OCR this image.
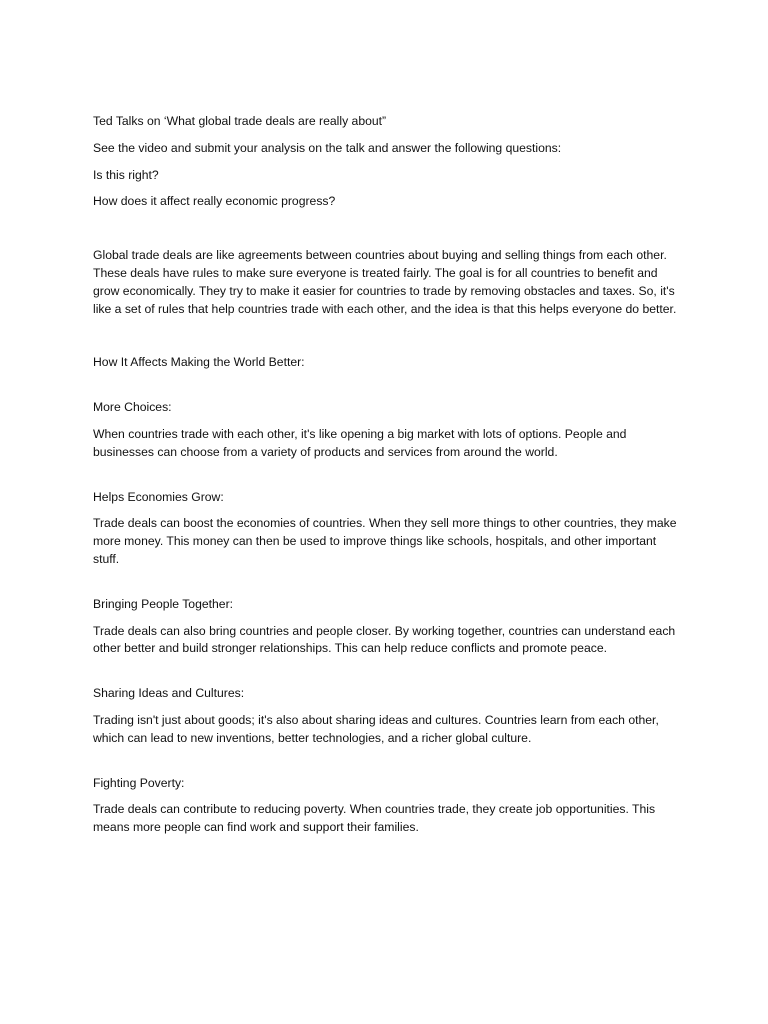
Ted Talks on ‘What global trade deals are really about”

See the video and submit your analysis on the talk and answer the following questions:

Is this right?

How does it affect really economic progress?

Global trade deals are like agreements between countries about buying and selling things from each other. These deals have rules to make sure everyone is treated fairly. The goal is for all countries to benefit and grow economically. They try to make it easier for countries to trade by removing obstacles and taxes. So, it's like a set of rules that help countries trade with each other, and the idea is that this helps everyone do better.

How It Affects Making the World Better:

More Choices:

When countries trade with each other, it's like opening a big market with lots of options. People and businesses can choose from a variety of products and services from around the world.

Helps Economies Grow:

Trade deals can boost the economies of countries. When they sell more things to other countries, they make more money. This money can then be used to improve things like schools, hospitals, and other important stuff.

Bringing People Together:

Trade deals can also bring countries and people closer. By working together, countries can understand each other better and build stronger relationships. This can help reduce conflicts and promote peace.

Sharing Ideas and Cultures:

Trading isn't just about goods; it's also about sharing ideas and cultures. Countries learn from each other, which can lead to new inventions, better technologies, and a richer global culture.

Fighting Poverty:

Trade deals can contribute to reducing poverty. When countries trade, they create job opportunities. This means more people can find work and support their families.
